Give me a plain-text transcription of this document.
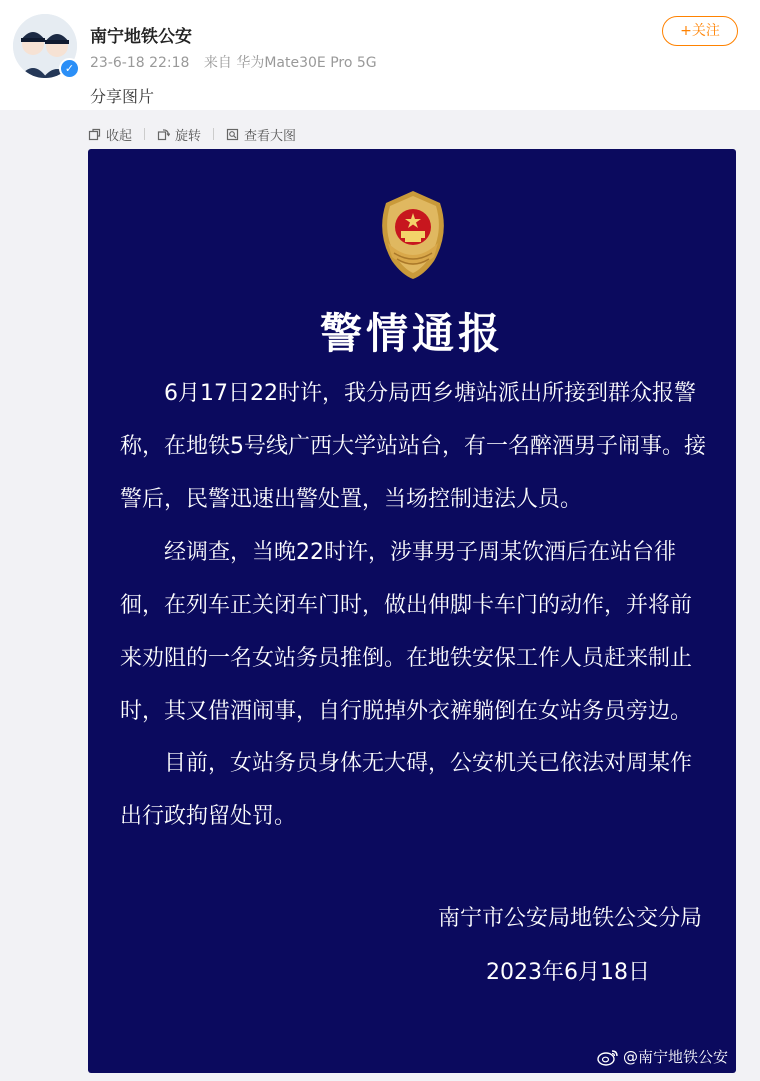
✓
南宁地铁公安
23-6-18 22:18 来自 华为Mate30E Pro 5G
+关注
分享图片
收起	旋转	查看大图
警情通报

6月17日22时许，我分局西乡塘站派出所接到群众报警称，在地铁5号线广西大学站站台，有一名醉酒男子闹事。接警后，民警迅速出警处置，当场控制违法人员。

经调查，当晚22时许，涉事男子周某饮酒后在站台徘徊，在列车正关闭车门时，做出伸脚卡车门的动作，并将前来劝阻的一名女站务员推倒。在地铁安保工作人员赶来制止时，其又借酒闹事，自行脱掉外衣裤躺倒在女站务员旁边。

目前，女站务员身体无大碍，公安机关已依法对周某作出行政拘留处罚。

南宁市公安局地铁公交分局
2023年6月18日
@南宁地铁公安
